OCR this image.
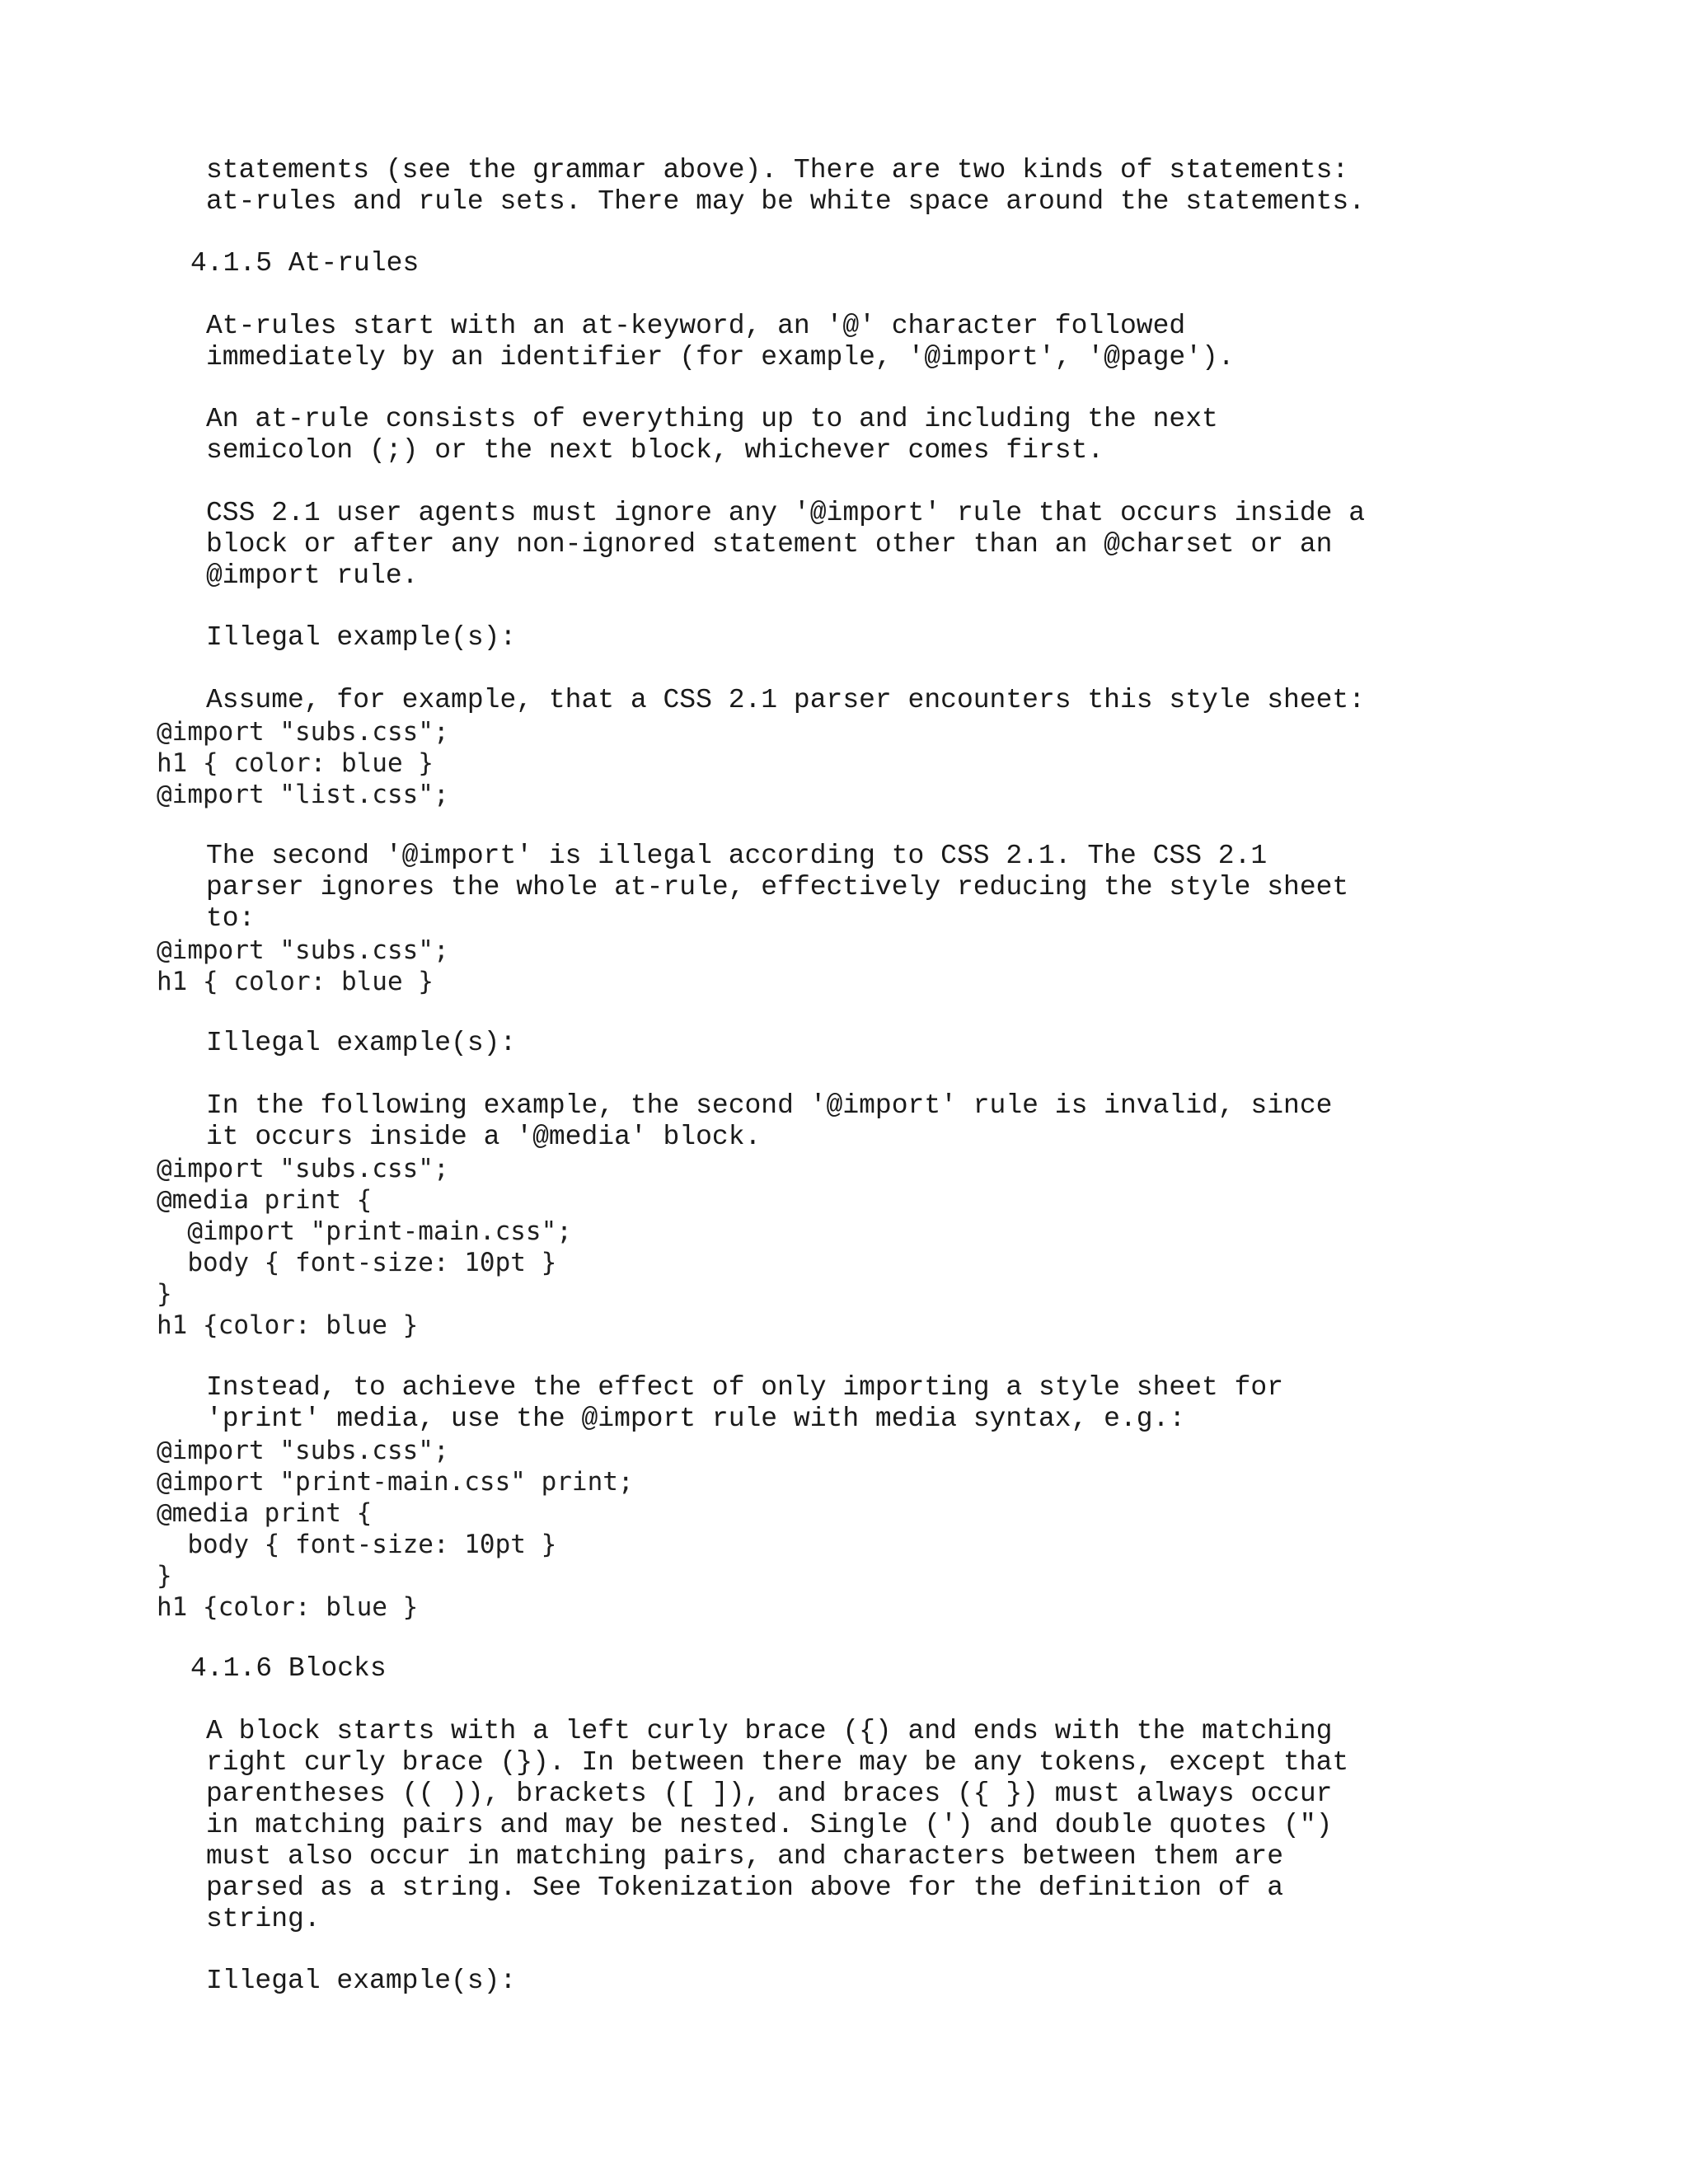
statements (see the grammar above). There are two kinds of statements:
at-rules and rule sets. There may be white space around the statements.
4.1.5 At-rules
At-rules start with an at-keyword, an '@' character followed
immediately by an identifier (for example, '@import', '@page').
An at-rule consists of everything up to and including the next
semicolon (;) or the next block, whichever comes first.
CSS 2.1 user agents must ignore any '@import' rule that occurs inside a
block or after any non-ignored statement other than an @charset or an
@import rule.
Illegal example(s):
Assume, for example, that a CSS 2.1 parser encounters this style sheet:
@import "subs.css";
h1 { color: blue }
@import "list.css";
The second '@import' is illegal according to CSS 2.1. The CSS 2.1
parser ignores the whole at-rule, effectively reducing the style sheet
to:
@import "subs.css";
h1 { color: blue }
Illegal example(s):
In the following example, the second '@import' rule is invalid, since
it occurs inside a '@media' block.
@import "subs.css";
@media print {
@import "print-main.css";
body { font-size: 10pt }
}
h1 {color: blue }
Instead, to achieve the effect of only importing a style sheet for
'print' media, use the @import rule with media syntax, e.g.:
@import "subs.css";
@import "print-main.css" print;
@media print {
body { font-size: 10pt }
}
h1 {color: blue }
4.1.6 Blocks
A block starts with a left curly brace ({) and ends with the matching
right curly brace (}). In between there may be any tokens, except that
parentheses (( )), brackets ([ ]), and braces ({ }) must always occur
in matching pairs and may be nested. Single (') and double quotes (")
must also occur in matching pairs, and characters between them are
parsed as a string. See Tokenization above for the definition of a
string.
Illegal example(s):
